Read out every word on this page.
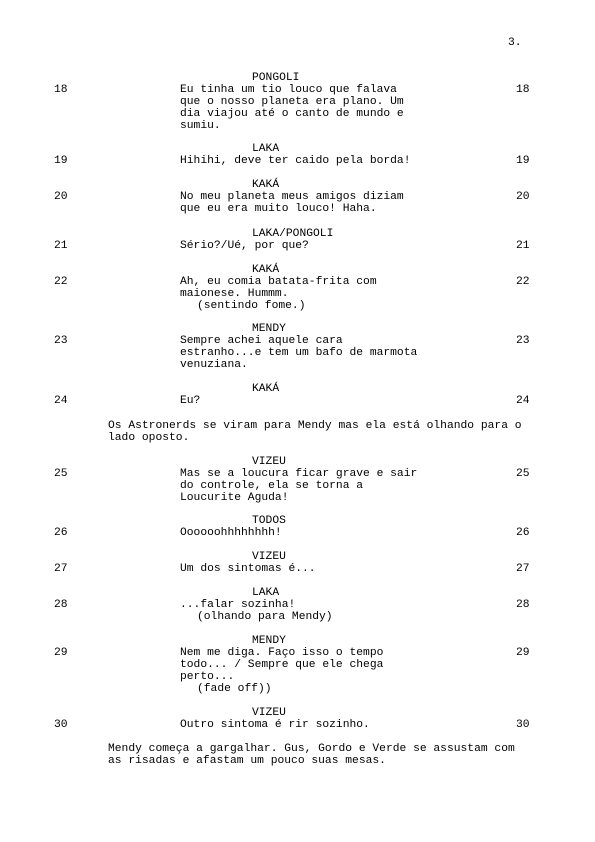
3.
PONGOLI
18	18
Eu tinha um tio louco que falava
que o nosso planeta era plano. Um
dia viajou até o canto de mundo e
sumiu.
LAKA
19	19
Hihihi, deve ter caido pela borda!
KAKÁ
20	20
No meu planeta meus amigos diziam
que eu era muito louco! Haha.
LAKA/PONGOLI
21	21
Sério?/Ué, por que?
KAKÁ
22	22
Ah, eu comia batata-frita com
maionese. Hummm.
(sentindo fome.)
MENDY
23	23
Sempre achei aquele cara
estranho...e tem um bafo de marmota
venuziana.
KAKÁ
24	24
Eu?
VIZEU
25	25
Mas se a loucura ficar grave e sair
do controle, ela se torna a
Loucurite Aguda!
TODOS
26	26
Oooooohhhhhhhh!
VIZEU
27	27
Um dos sintomas é...
LAKA
28	28
...falar sozinha!
(olhando para Mendy)
MENDY
29	29
Nem me diga. Faço isso o tempo
todo... / Sempre que ele chega
perto...
(fade off))
VIZEU
30	30
Outro sintoma é rir sozinho.
Os Astronerds se viram para Mendy mas ela está olhando para o
lado oposto.
Mendy começa a gargalhar. Gus, Gordo e Verde se assustam com
as risadas e afastam um pouco suas mesas.
